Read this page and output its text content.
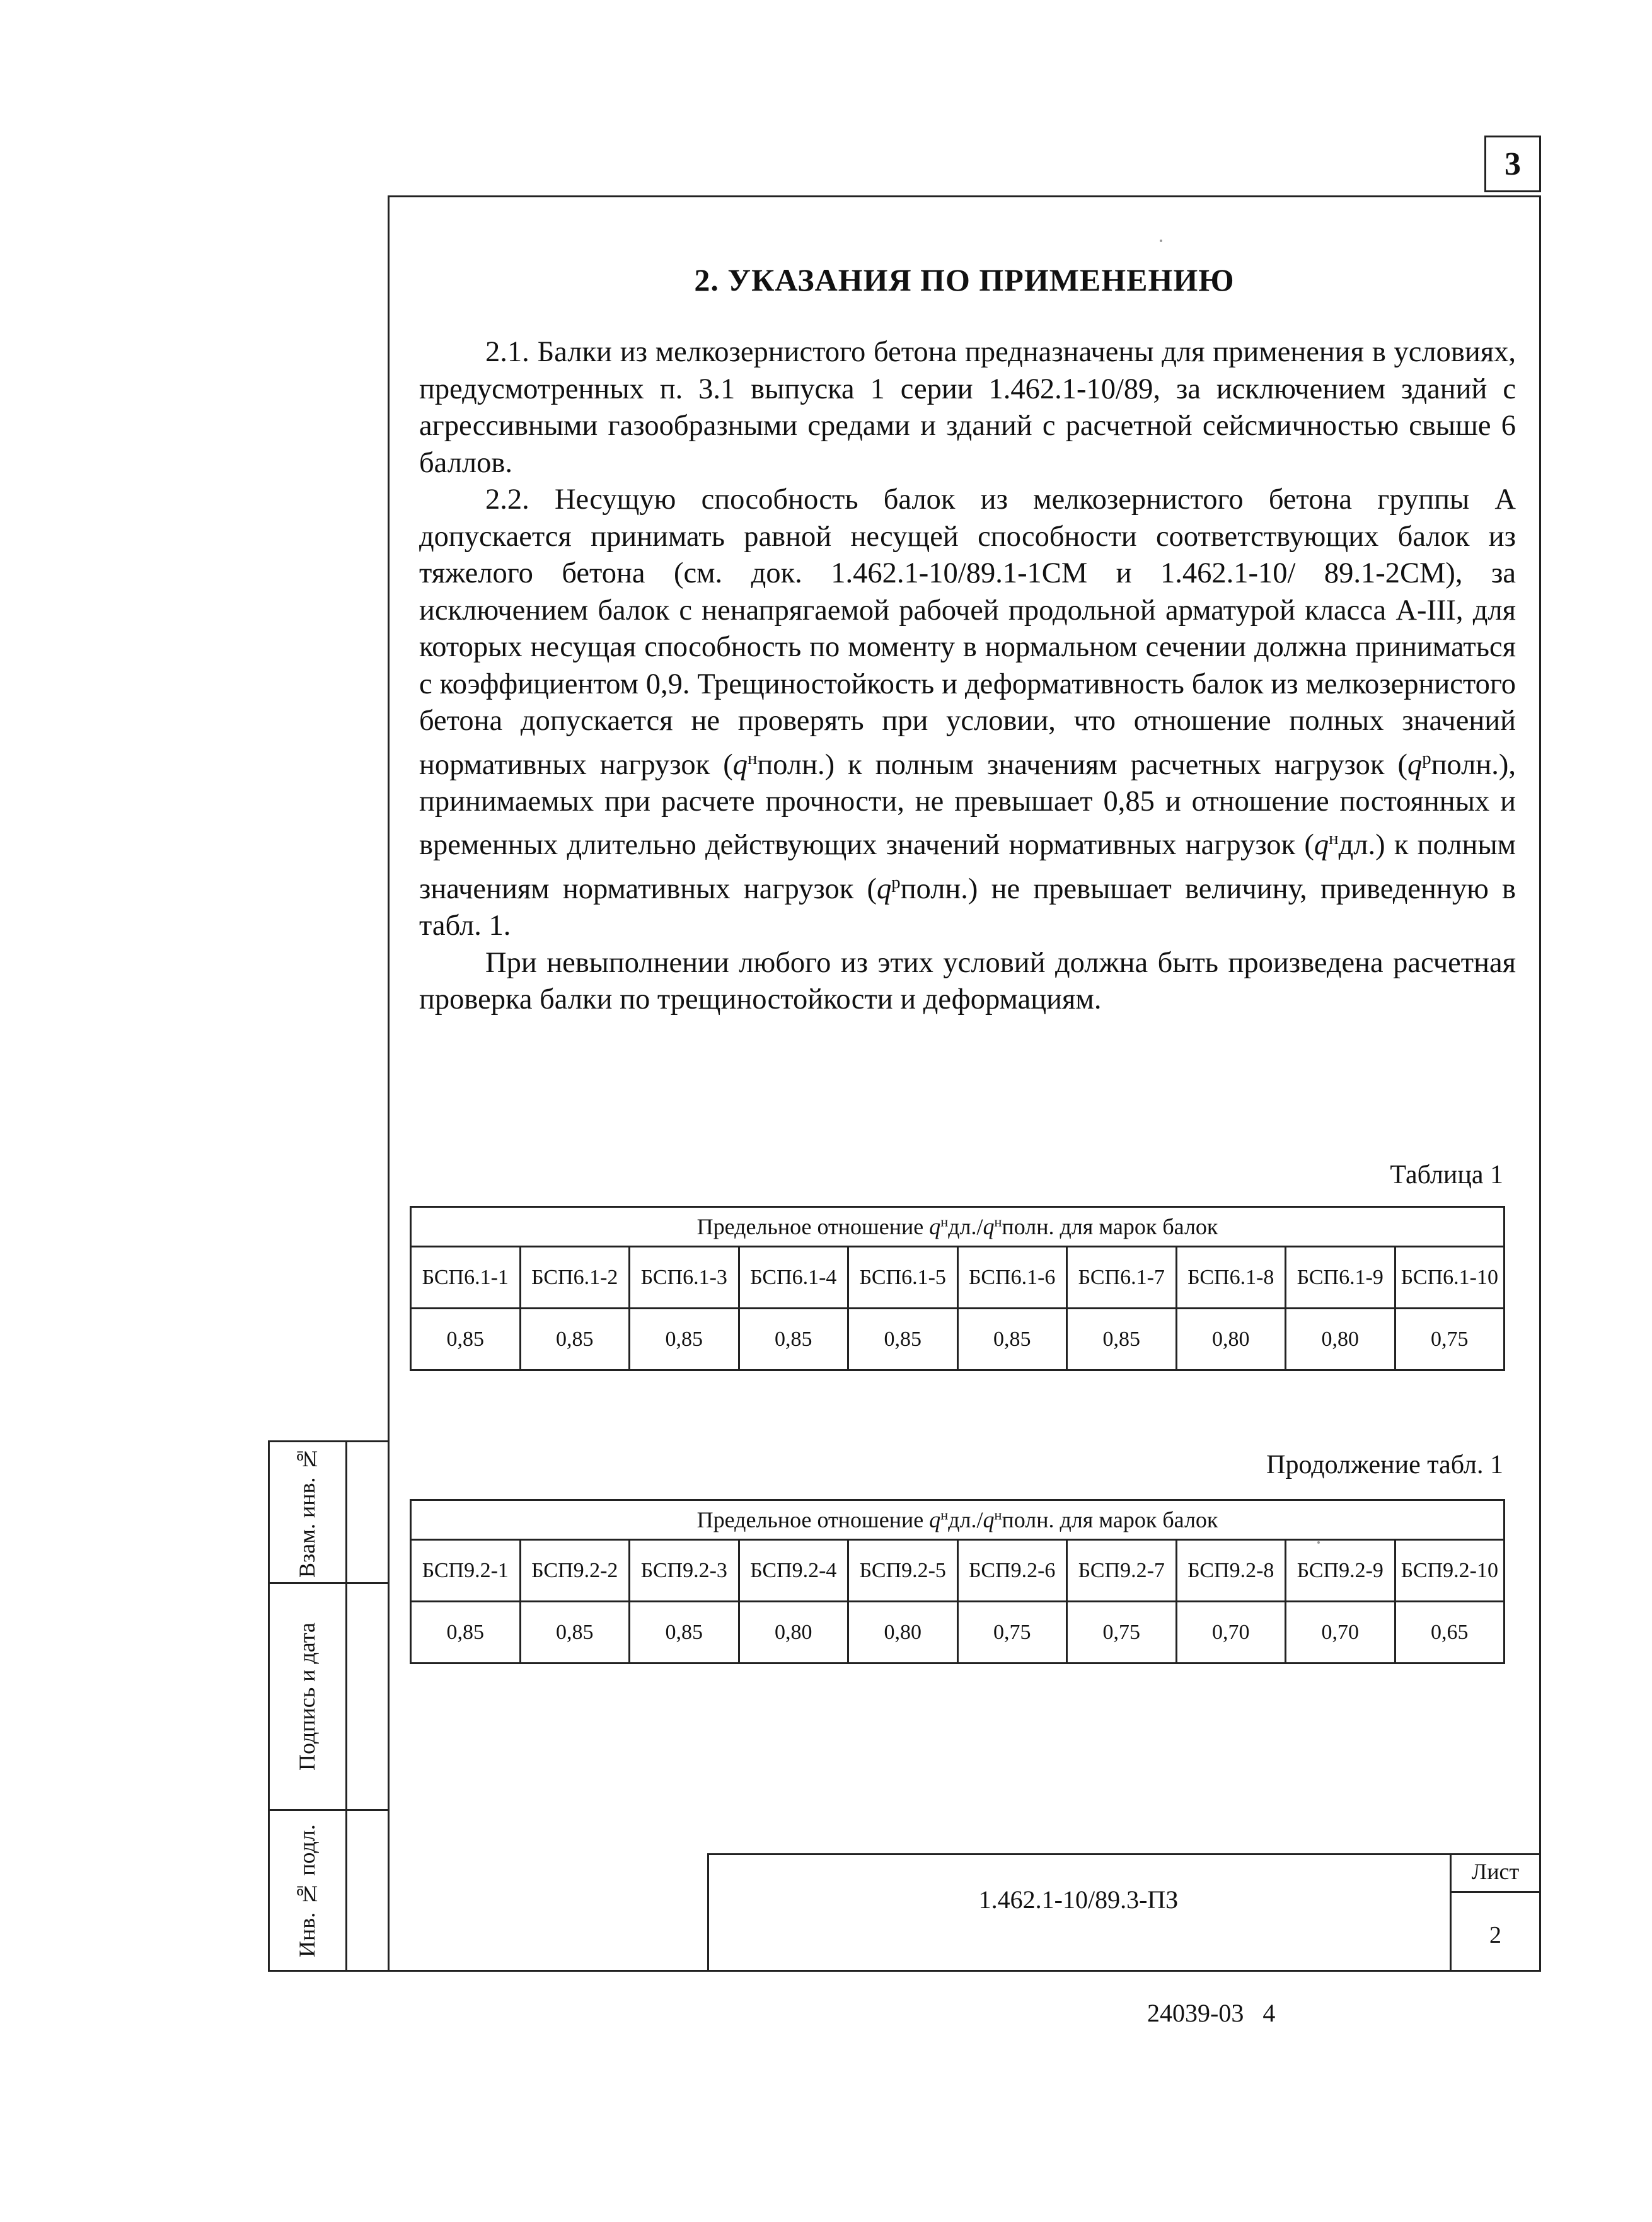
3
Взам. инв. №
Подпись и дата
Инв. № подл.
2. УКАЗАНИЯ ПО ПРИМЕНЕНИЮ

2.1. Балки из мелкозернистого бетона предназначены для применения в условиях, предусмотренных п. 3.1 выпуска 1 серии 1.462.1-10/89, за исключением зданий с агрессивными газообразными средами и зданий с расчетной сейсмичностью свыше 6 баллов.

2.2. Несущую способность балок из мелкозернистого бетона группы А допускается принимать равной несущей способности соответствующих балок из тяжелого бетона (см. док. 1.462.1-10/89.1-1СМ и 1.462.1-10/ 89.1-2СМ), за исключением балок с ненапрягаемой рабочей продольной арматурой класса А-III, для которых несущая способность по моменту в нормальном сечении должна приниматься с коэффициентом 0,9. Трещиностойкость и деформативность балок из мелкозернистого бетона допускается не проверять при условии, что отношение полных значений нормативных нагрузок $(q^нполн.)$ к полным значениям расчетных нагрузок $(q^рполн.)$, принимаемых при расчете прочности, не превышает 0,85 и отношение постоянных и временных длительно действующих значений нормативных нагрузок $(q^ндл.)$ к полным значениям нормативных нагрузок $(q^рполн.)$ не превышает величину, приведенную в табл. 1.

При невыполнении любого из этих условий должна быть произведена расчетная проверка балки по трещиностойкости и деформациям.

Таблица 1
Предельное отношение $q^ндл./q^нполн$. для марок балок									
БСП6.1-1	БСП6.1-2	БСП6.1-3	БСП6.1-4	БСП6.1-5	БСП6.1-6	БСП6.1-7	БСП6.1-8	БСП6.1-9	БСП6.1-10
0,85	0,85	0,85	0,85	0,85	0,85	0,85	0,80	0,80	0,75
Продолжение табл. 1
Предельное отношение $q^ндл./q^нполн$. для марок балок									
БСП9.2-1	БСП9.2-2	БСП9.2-3	БСП9.2-4	БСП9.2-5	БСП9.2-6	БСП9.2-7	БСП9.2-8	БСП9.2-9	БСП9.2-10
0,85	0,85	0,85	0,80	0,80	0,75	0,75	0,70	0,70	0,65
1.462.1-10/89.3-ПЗ
Лист
2
24039-03   4
